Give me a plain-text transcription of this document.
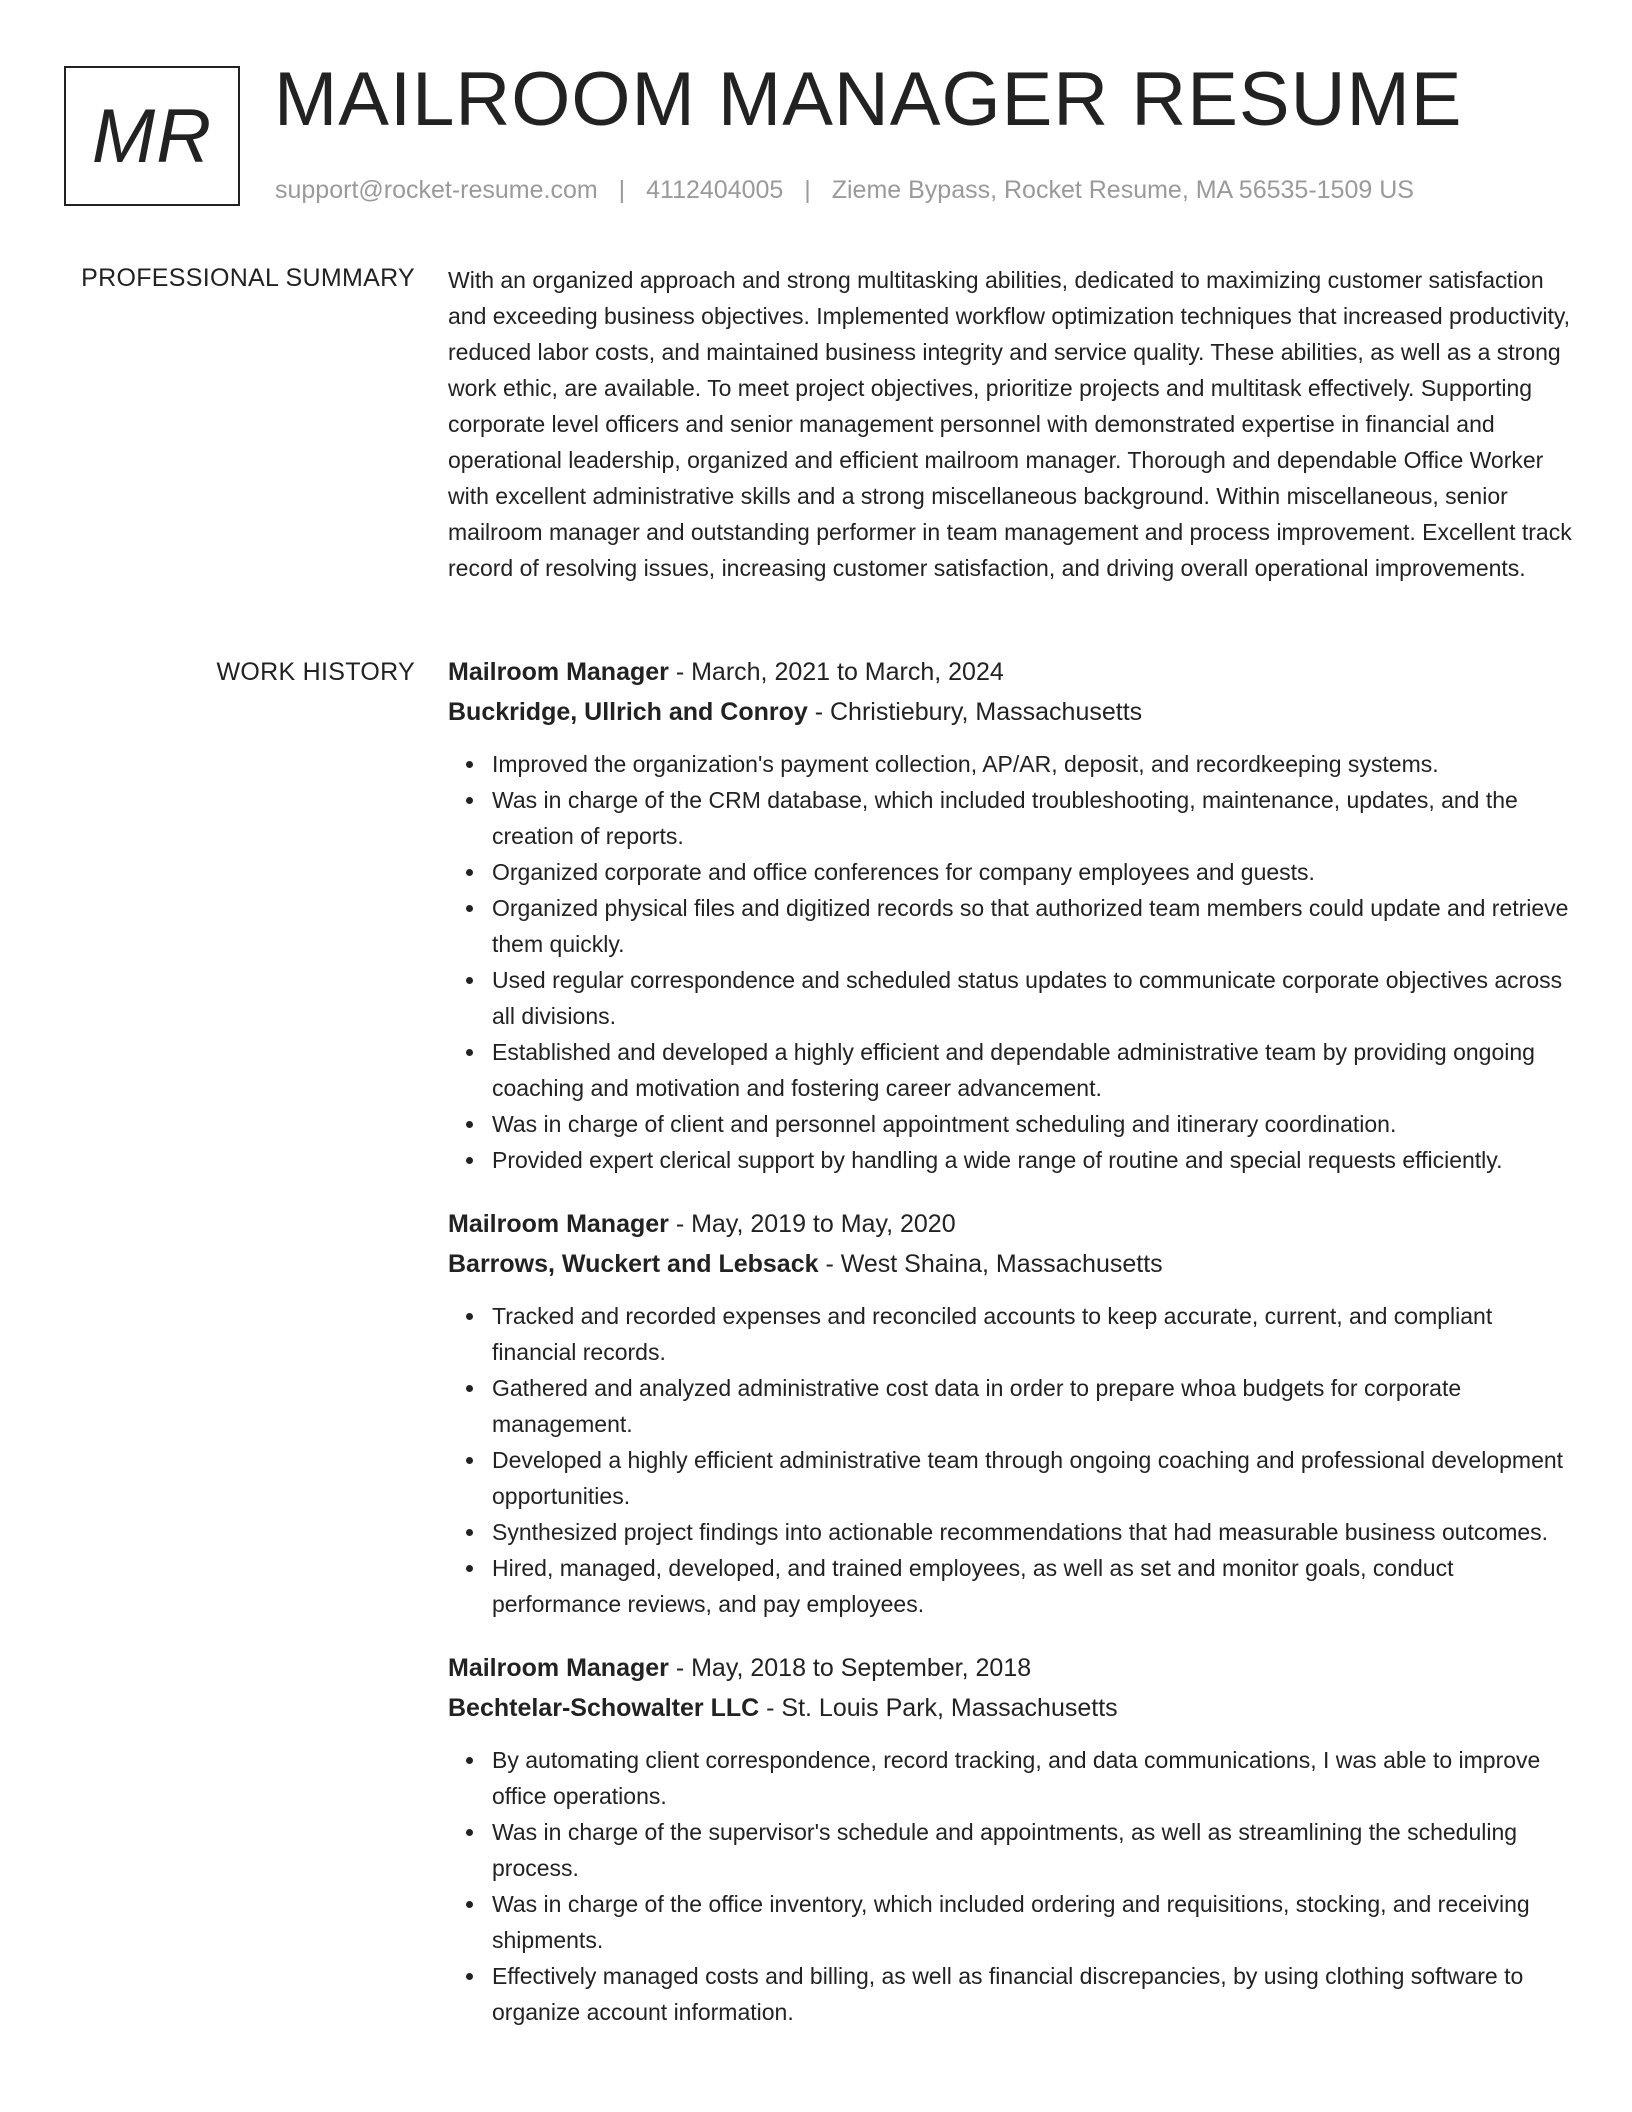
MR MAILROOM MANAGER RESUME
support@rocket-resume.com | 4112404005 | Zieme Bypass, Rocket Resume, MA 56535-1509 US
PROFESSIONAL SUMMARY With an organized approach and strong multitasking abilities, dedicated to maximizing customer satisfaction and exceeding business objectives. Implemented workflow optimization techniques that increased productivity, reduced labor costs, and maintained business integrity and service quality. These abilities, as well as a strong work ethic, are available. To meet project objectives, prioritize projects and multitask effectively. Supporting corporate level officers and senior management personnel with demonstrated expertise in financial and operational leadership, organized and efficient mailroom manager. Thorough and dependable Office Worker with excellent administrative skills and a strong miscellaneous background. Within miscellaneous, senior mailroom manager and outstanding performer in team management and process improvement. Excellent track record of resolving issues, increasing customer satisfaction, and driving overall operational improvements.

WORK HISTORY Mailroom Manager - March, 2021 to March, 2024

Buckridge, Ullrich and Conroy - Christiebury, Massachusetts

Improved the organization's payment collection, AP/AR, deposit, and recordkeeping systems.
Was in charge of the CRM database, which included troubleshooting, maintenance, updates, and the creation of reports.
Organized corporate and office conferences for company employees and guests.
Organized physical files and digitized records so that authorized team members could update and retrieve them quickly.
Used regular correspondence and scheduled status updates to communicate corporate objectives across all divisions.
Established and developed a highly efficient and dependable administrative team by providing ongoing coaching and motivation and fostering career advancement.
Was in charge of client and personnel appointment scheduling and itinerary coordination.
Provided expert clerical support by handling a wide range of routine and special requests efficiently.

Mailroom Manager - May, 2019 to May, 2020

Barrows, Wuckert and Lebsack - West Shaina, Massachusetts

Tracked and recorded expenses and reconciled accounts to keep accurate, current, and compliant financial records.
Gathered and analyzed administrative cost data in order to prepare whoa budgets for corporate management.
Developed a highly efficient administrative team through ongoing coaching and professional development opportunities.
Synthesized project findings into actionable recommendations that had measurable business outcomes.
Hired, managed, developed, and trained employees, as well as set and monitor goals, conduct performance reviews, and pay employees.

Mailroom Manager - May, 2018 to September, 2018

Bechtelar-Schowalter LLC - St. Louis Park, Massachusetts

By automating client correspondence, record tracking, and data communications, I was able to improve office operations.
Was in charge of the supervisor's schedule and appointments, as well as streamlining the scheduling process.
Was in charge of the office inventory, which included ordering and requisitions, stocking, and receiving shipments.
Effectively managed costs and billing, as well as financial discrepancies, by using clothing software to organize account information.
